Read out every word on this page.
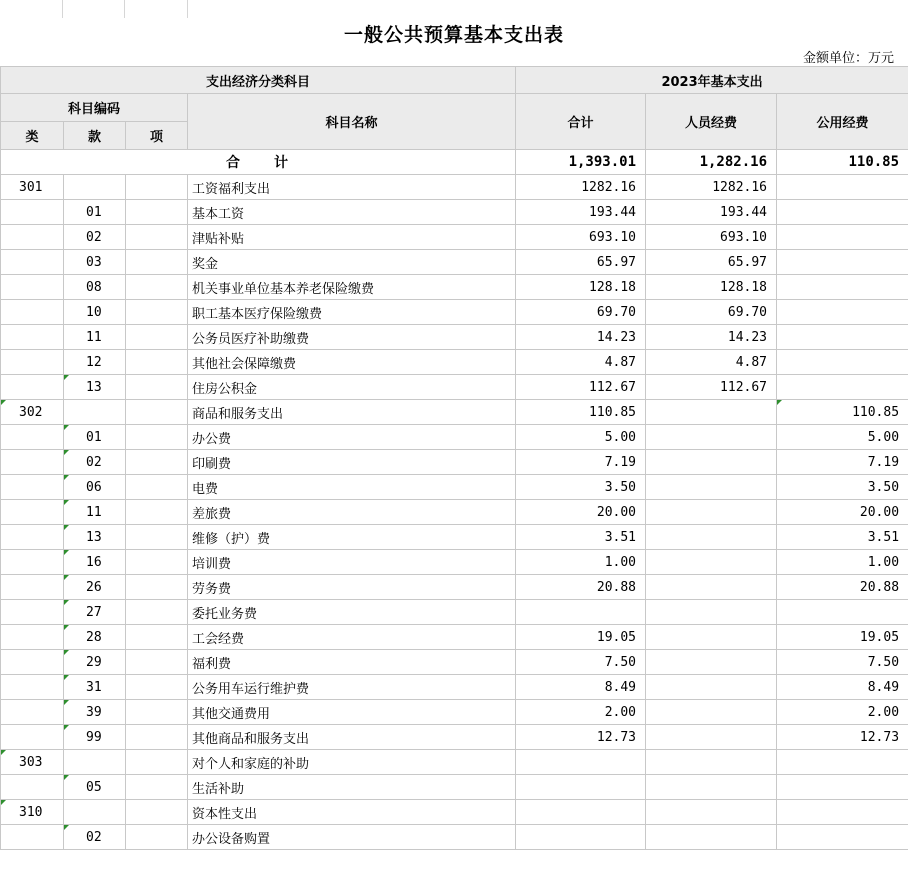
一般公共预算基本支出表
金额单位：万元
支出经济分类科目				2023年基本支出		
科目编码			科目名称	合计	人员经费	公用经费
类	款	项				
合　　计				1,393.01	1,282.16	110.85
301			工资福利支出	1282.16	1282.16	
	01		基本工资	193.44	193.44	
	02		津贴补贴	693.10	693.10	
	03		奖金	65.97	65.97	
	08		机关事业单位基本养老保险缴费	128.18	128.18	
	10		职工基本医疗保险缴费	69.70	69.70	
	11		公务员医疗补助缴费	14.23	14.23	
	12		其他社会保障缴费	4.87	4.87	
	13		住房公积金	112.67	112.67	
302			商品和服务支出	110.85		110.85
	01		办公费	5.00		5.00
	02		印刷费	7.19		7.19
	06		电费	3.50		3.50
	11		差旅费	20.00		20.00
	13		维修（护）费	3.51		3.51
	16		培训费	1.00		1.00
	26		劳务费	20.88		20.88
	27		委托业务费			
	28		工会经费	19.05		19.05
	29		福利费	7.50		7.50
	31		公务用车运行维护费	8.49		8.49
	39		其他交通费用	2.00		2.00
	99		其他商品和服务支出	12.73		12.73
303			对个人和家庭的补助			
	05		生活补助			
310			资本性支出			
	02		办公设备购置			
